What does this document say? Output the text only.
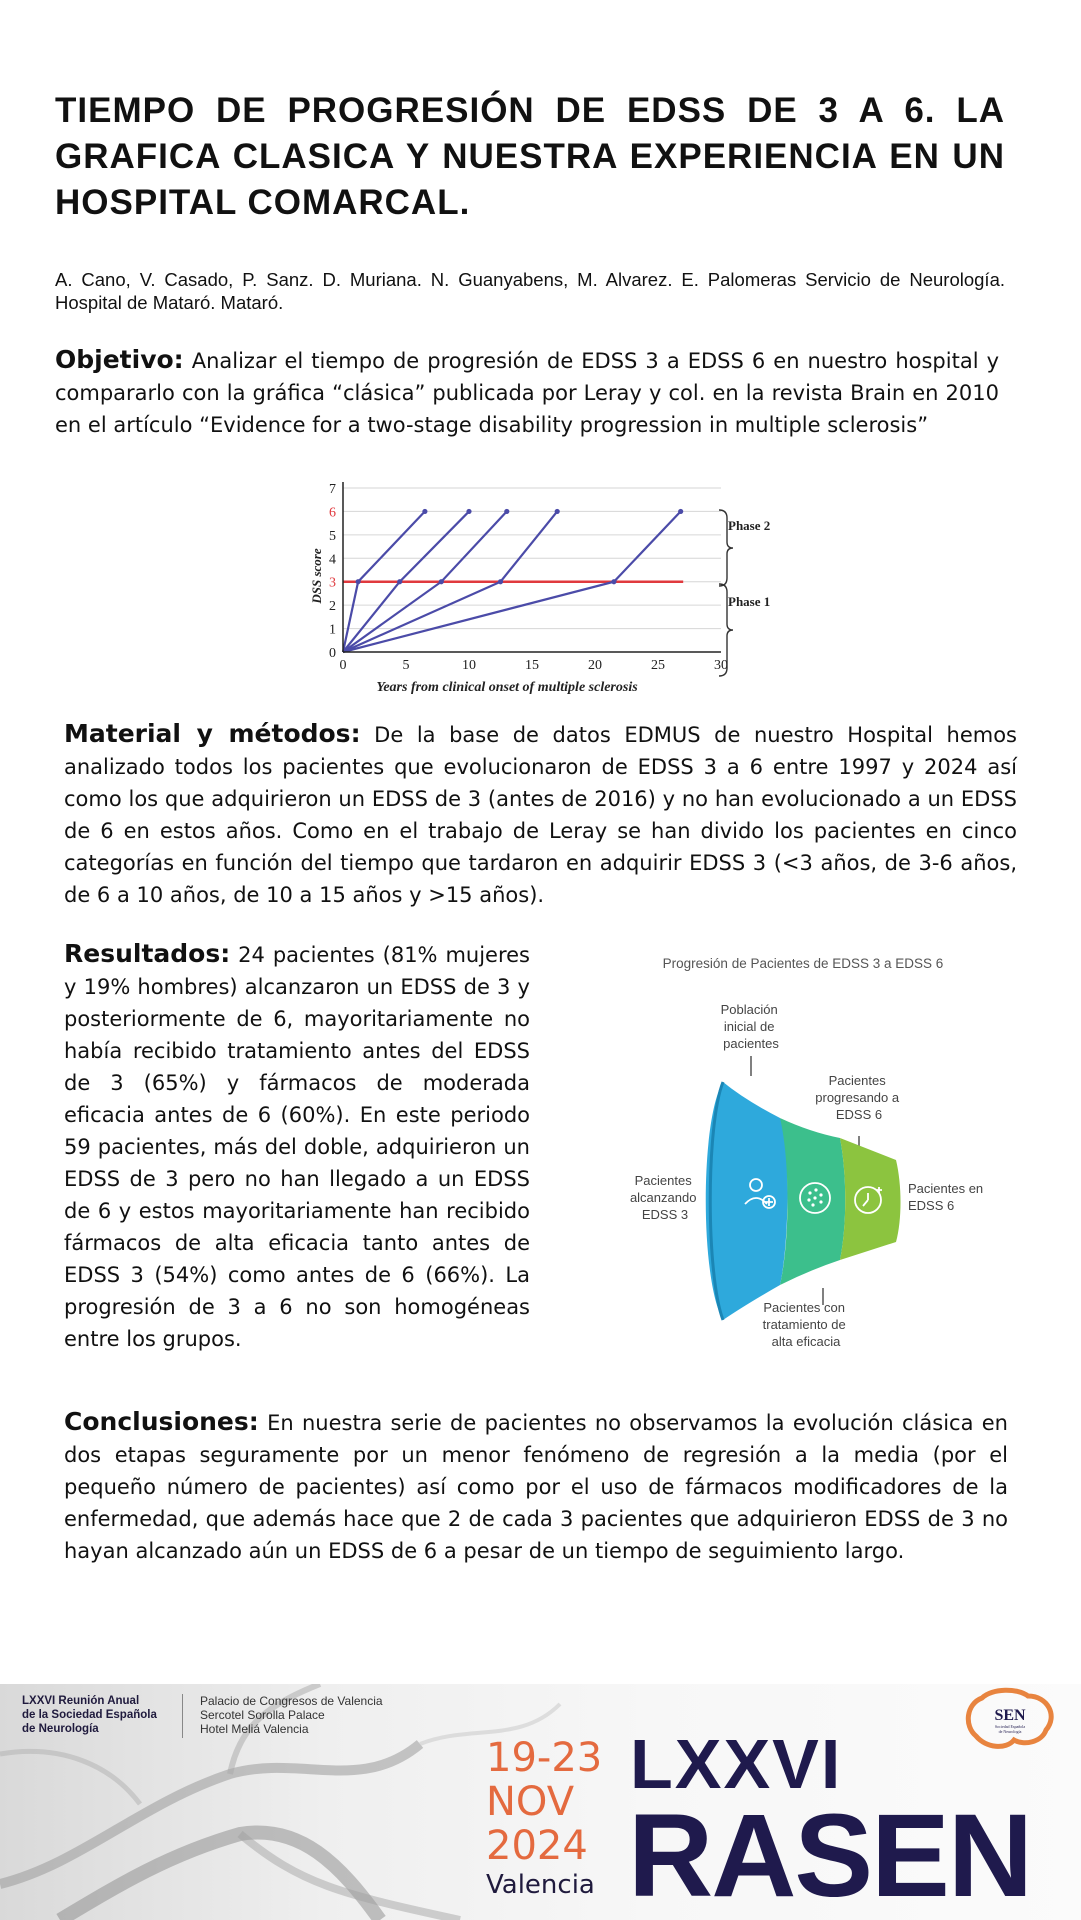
TIEMPO DE PROGRESIÓN DE EDSS DE 3 A 6. LA GRAFICA CLASICA Y NUESTRA EXPERIENCIA EN UN HOSPITAL COMARCAL.
A. Cano, V. Casado, P. Sanz. D. Muriana. N. Guanyabens, M. Alvarez. E. Palomeras Servicio de Neurología. Hospital de Mataró. Mataró.
Objetivo: Analizar el tiempo de progresión de EDSS 3 a EDSS 6 en nuestro hospital y compararlo con la gráfica “clásica” publicada por Leray y col. en la revista Brain en 2010 en el artículo “Evidence for a two-stage disability progression in multiple sclerosis”
0
1
2
3
4
5
6
7
0	5	10	15	20	25	30
DSS score
Years from clinical onset of multiple sclerosis
Phase 2
Phase 1
Material y métodos: De la base de datos EDMUS de nuestro Hospital hemos analizado todos los pacientes que evolucionaron de EDSS 3 a 6 entre 1997 y 2024 así como los que adquirieron un EDSS de 3 (antes de 2016) y no han evolucionado a un EDSS de 6 en estos años. Como en el trabajo de Leray se han divido los pacientes en cinco categorías en función del tiempo que tardaron en adquirir EDSS 3 (<3 años, de 3-6 años, de 6 a 10 años, de 10 a 15 años y >15 años).
Resultados: 24 pacientes (81% mujeres y 19% hombres) alcanzaron un EDSS de 3 y posteriormente de 6, mayoritariamente no había recibido tratamiento antes del EDSS de 3 (65%) y fármacos de moderada eficacia antes de 6 (60%). En este periodo 59 pacientes, más del doble, adquirieron un EDSS de 3 pero no han llegado a un EDSS de 6 y estos mayoritariamente han recibido fármacos de alta eficacia tanto antes de EDSS 3 (54%) como antes de 6 (66%). La progresión de 3 a 6 no son homogéneas entre los grupos.
Progresión de Pacientes de EDSS 3 a EDSS 6
Población inicial de pacientes
Pacientes progresando a EDSS 6
Pacientes alcanzando EDSS 3
Pacientes en EDSS 6
Pacientes con tratamiento de alta eficacia
Conclusiones: En nuestra serie de pacientes no observamos la evolución clásica en dos etapas seguramente por un menor fenómeno de regresión a la media (por el pequeño número de pacientes) así como por el uso de fármacos modificadores de la enfermedad, que además hace que 2 de cada 3 pacientes que adquirieron EDSS de 3 no hayan alcanzado aún un EDSS de 6 a pesar de un tiempo de seguimiento largo.
LXXVI Reunión Anual
de la Sociedad Española
de Neurología
Palacio de Congresos de Valencia
Sercotel Sorolla Palace
Hotel Meliá Valencia
19-23
NOV
2024
Valencia
LXXVI
RASEN
SEN
Sociedad Española
de Neurología
